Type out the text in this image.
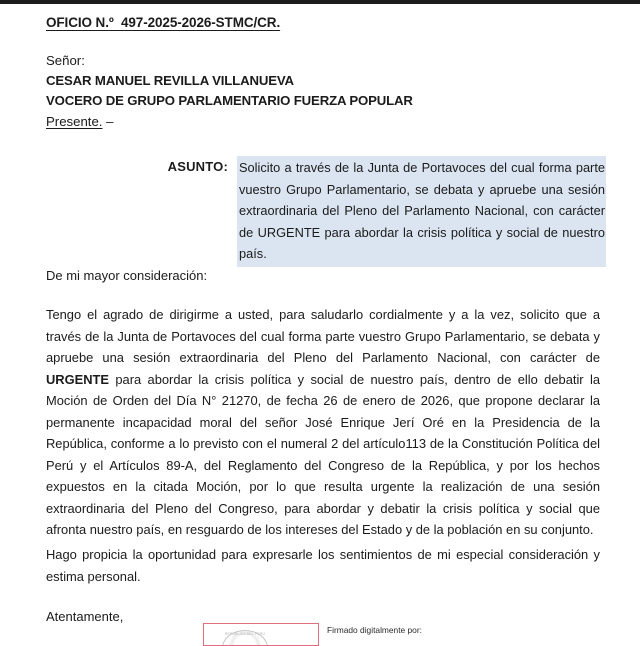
OFICIO N.º  497-2025-2026-STMC/CR.
Señor:
CESAR MANUEL REVILLA VILLANUEVA
VOCERO DE GRUPO PARLAMENTARIO FUERZA POPULAR
Presente. –
ASUNTO: Solicito a través de la Junta de Portavoces del cual forma parte vuestro Grupo Parlamentario, se debata y apruebe una sesión extraordinaria del Pleno del Parlamento Nacional, con carácter de URGENTE para abordar la crisis política y social de nuestro país.
De mi mayor consideración:
Tengo el agrado de dirigirme a usted, para saludarlo cordialmente y a la vez, solicito que a través de la Junta de Portavoces del cual forma parte vuestro Grupo Parlamentario, se debata y apruebe una sesión extraordinaria del Pleno del Parlamento Nacional, con carácter de URGENTE para abordar la crisis política y social de nuestro país, dentro de ello debatir la Moción de Orden del Día N° 21270, de fecha 26 de enero de 2026, que propone declarar la permanente incapacidad moral del señor José Enrique Jerí Oré en la Presidencia de la República, conforme a lo previsto con el numeral 2 del artículo113 de la Constitución Política del Perú y el Artículos 89-A, del Reglamento del Congreso de la República, y por los hechos expuestos en la citada Moción, por lo que resulta urgente la realización de una sesión extraordinaria del Pleno del Congreso, para abordar y debatir la crisis política y social que afronta nuestro país, en resguardo de los intereses del Estado y de la población en su conjunto.
Hago propicia la oportunidad para expresarle los sentimientos de mi especial consideración y estima personal.
Atentamente,
REPÚBLICA DEL PERÚ	Firmado digitalmente por:
